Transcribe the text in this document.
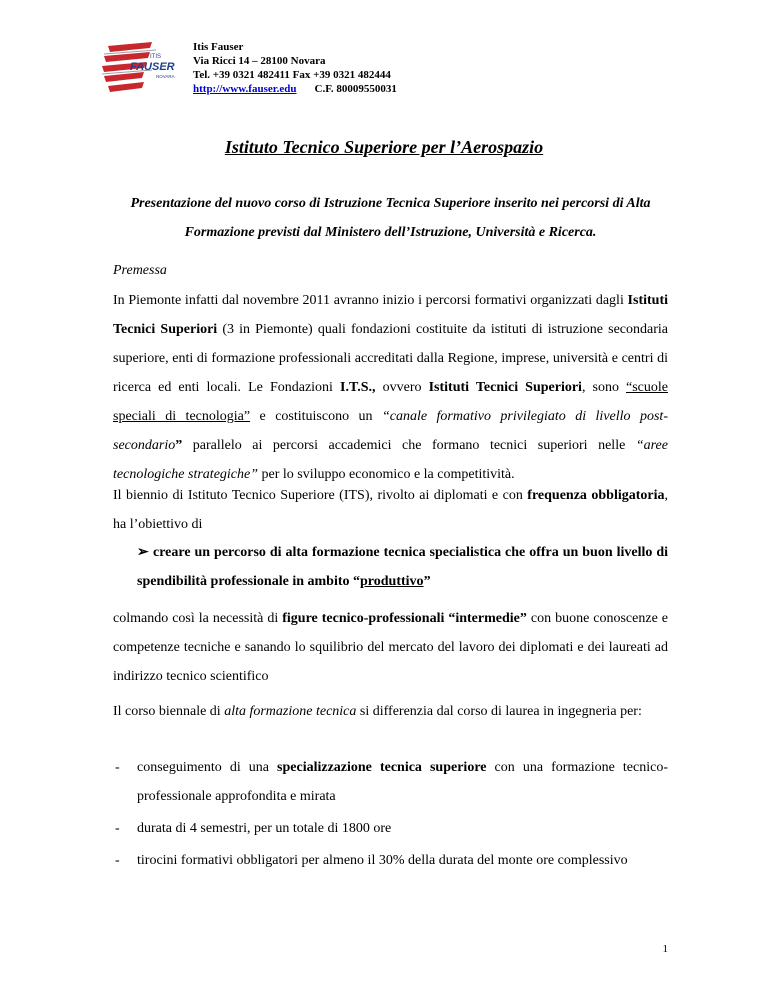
ITIS
FAUSER
NOVARA
Itis Fauser
Via Ricci 14 – 28100 Novara
Tel. +39 0321 482411 Fax +39 0321 482444
http://www.fauser.edu C.F. 80009550031
Istituto Tecnico Superiore per l’Aerospazio
Presentazione del nuovo corso di Istruzione Tecnica Superiore inserito nei percorsi di Alta Formazione previsti dal Ministero dell’Istruzione, Università e Ricerca.
Premessa
In Piemonte infatti dal novembre 2011 avranno inizio i percorsi formativi organizzati dagli Istituti Tecnici Superiori (3 in Piemonte) quali fondazioni costituite da istituti di istruzione secondaria superiore, enti di formazione professionali accreditati dalla Regione, imprese, università e centri di ricerca ed enti locali. Le Fondazioni I.T.S., ovvero Istituti Tecnici Superiori, sono “scuole speciali di tecnologia” e costituiscono un “canale formativo privilegiato di livello post-secondario” parallelo ai percorsi accademici che formano tecnici superiori nelle “aree tecnologiche strategiche” per lo sviluppo economico e la competitività.
Il biennio di Istituto Tecnico Superiore (ITS), rivolto ai diplomati e con frequenza obbligatoria, ha l’obiettivo di
➢ creare un percorso di alta formazione tecnica specialistica che offra un buon livello di spendibilità professionale in ambito “produttivo”
colmando così la necessità di figure tecnico-professionali “intermedie” con buone conoscenze e competenze tecniche e sanando lo squilibrio del mercato del lavoro dei diplomati e dei laureati ad indirizzo tecnico scientifico
Il corso biennale di alta formazione tecnica si differenzia dal corso di laurea in ingegneria per:
- conseguimento di una specializzazione tecnica superiore con una formazione tecnico- professionale approfondita e mirata
- durata di 4 semestri, per un totale di 1800 ore
- tirocini formativi obbligatori per almeno il 30% della durata del monte ore complessivo
1
